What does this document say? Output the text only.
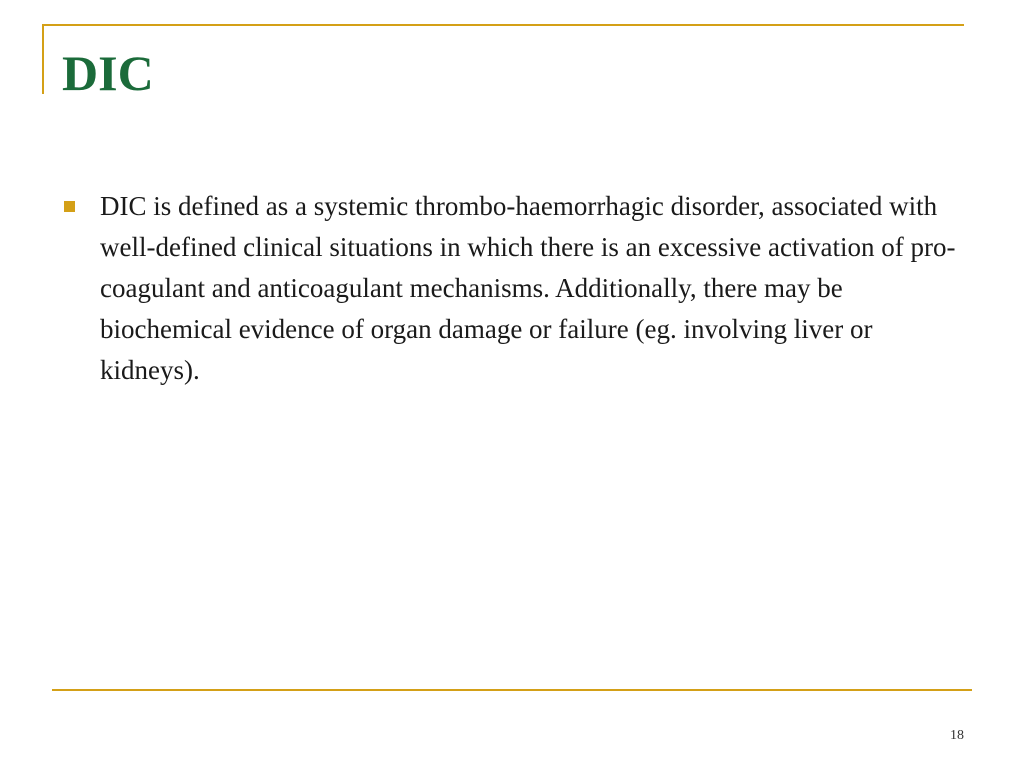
DIC
DIC is defined as a systemic thrombo-haemorrhagic disorder, associated with well-defined clinical situations in which there is an excessive activation of pro-coagulant and anticoagulant mechanisms. Additionally, there may be biochemical evidence of organ damage or failure (eg. involving liver or kidneys).
18
